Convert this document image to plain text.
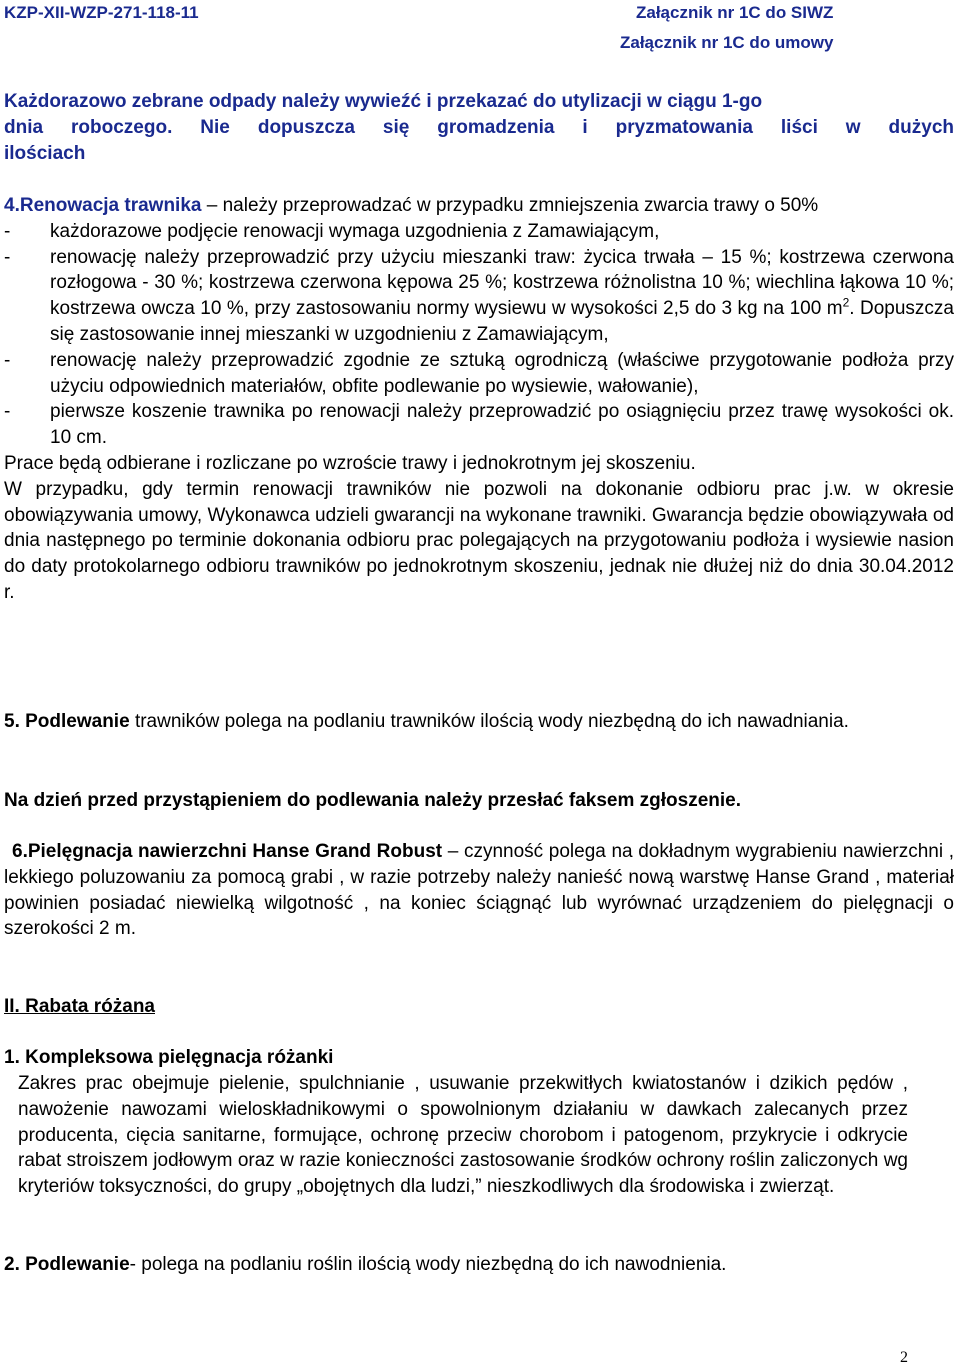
KZP-XII-WZP-271-118-11	Załącznik nr 1C do SIWZ
Załącznik nr 1C do umowy
Każdorazowo zebrane odpady należy wywieźć i przekazać do utylizacji w ciągu 1-go
dnia roboczego. Nie dopuszcza się gromadzenia i pryzmatowania liści w dużych
ilościach
4.Renowacja trawnika – należy przeprowadzać w przypadku zmniejszenia zwarcia trawy o 50%
-	każdorazowe podjęcie renowacji wymaga uzgodnienia z Zamawiającym,
-	renowację należy przeprowadzić przy użyciu mieszanki traw: życica trwała – 15 %; kostrzewa czerwona rozłogowa - 30 %; kostrzewa czerwona kępowa 25 %; kostrzewa różnolistna 10 %; wiechlina łąkowa 10 %; kostrzewa owcza 10 %, przy zastosowaniu normy wysiewu w wysokości 2,5 do 3 kg na 100 $m^2$. Dopuszcza się zastosowanie innej mieszanki w uzgodnieniu z Zamawiającym,
-	renowację należy przeprowadzić zgodnie ze sztuką ogrodniczą (właściwe przygotowanie podłoża przy użyciu odpowiednich materiałów, obfite podlewanie po wysiewie, wałowanie),
-	pierwsze koszenie trawnika po renowacji należy przeprowadzić po osiągnięciu przez trawę wysokości ok. 10 cm.
Prace będą odbierane i rozliczane po wzroście trawy i jednokrotnym jej skoszeniu.
W przypadku, gdy termin renowacji trawników nie pozwoli na dokonanie odbioru prac j.w. w okresie obowiązywania umowy, Wykonawca udzieli gwarancji na wykonane trawniki. Gwarancja będzie obowiązywała od dnia następnego po terminie dokonania odbioru prac polegających na przygotowaniu podłoża i wysiewie nasion do daty protokolarnego odbioru trawników po jednokrotnym skoszeniu, jednak nie dłużej niż do dnia 30.04.2012 r.
5. Podlewanie trawników polega na podlaniu trawników ilością wody niezbędną do ich nawadniania.
Na dzień przed przystąpieniem do podlewania należy przesłać faksem zgłoszenie.
6.Pielęgnacja nawierzchni Hanse Grand Robust – czynność polega na dokładnym wygrabieniu nawierzchni , lekkiego poluzowaniu za pomocą grabi , w razie potrzeby należy nanieść nową warstwę Hanse Grand , materiał powinien posiadać niewielką wilgotność , na koniec ściągnąć lub wyrównać urządzeniem do pielęgnacji o szerokości 2 m.
II. Rabata różana
1. Kompleksowa pielęgnacja różanki
Zakres prac obejmuje pielenie, spulchnianie , usuwanie przekwitłych kwiatostanów i dzikich pędów , nawożenie nawozami wieloskładnikowymi o spowolnionym działaniu w dawkach zalecanych przez producenta, cięcia sanitarne, formujące, ochronę przeciw chorobom i patogenom, przykrycie i odkrycie rabat stroiszem jodłowym oraz w razie konieczności zastosowanie środków ochrony roślin zaliczonych wg kryteriów toksyczności, do grupy „obojętnych dla ludzi,” nieszkodliwych dla środowiska i zwierząt.
2. Podlewanie- polega na podlaniu roślin ilością wody niezbędną do ich nawodnienia.
2
